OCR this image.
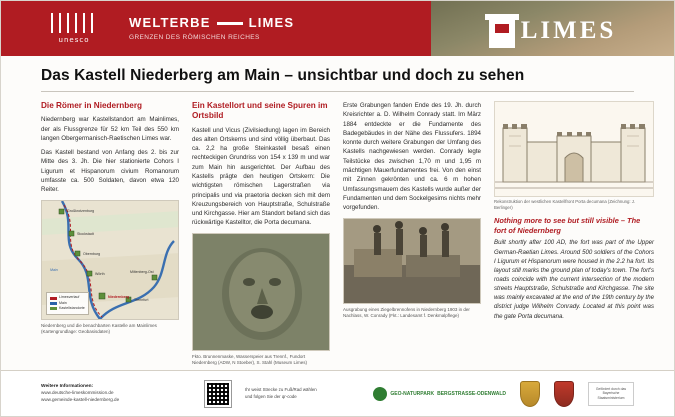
unesco
WELTERBE	LIMES
GRENZEN DES RÖMISCHEN REICHES	LIMES
Das Kastell Niederberg am Main – unsichtbar und doch zu sehen
Die Römer in Niedernberg

Niedernberg war Kastellstandort am Mainlimes, der als Flussgrenze für 52 km Teil des 550 km langen Obergermanisch-Raetischen Limes war.

Das Kastell bestand von Anfang des 2. bis zur Mitte des 3. Jh. Die hier stationierte Cohors I Ligurum et Hispanorum civium Romanorum umfasste ca. 500 Soldaten, davon etwa 120 Reiter.

Großkrotzenburg
Stockstadt
Obernburg
Wörth
Niedernberg
Trennfurt
Miltenberg-Ost
Main
Limesverlauf
Main
Kastellstandorte
Niedernberg und die benachbarten Kastelle am Mainlimes (Kartengrundlage: Geobasisdaten)
Ein Kastellort und seine Spuren im Ortsbild

Kastell und Vicus (Zivilsiedlung) lagen im Bereich des alten Ortskerns und sind völlig überbaut. Das ca. 2,2 ha große Steinkastell besaß einen rechteckigen Grundriss von 154 x 139 m und war zum Main hin ausgerichtet. Der Aufbau des Kastells prägte den heutigen Ortskern: Die wichtigsten römischen Lagerstraßen via principalis und via praetoria decken sich mit dem Kreuzungsbereich von Hauptstraße, Schulstraße und Kirchgasse. Hier am Standort befand sich das rückwärtige Kastelltor, die Porta decumana.

Fkto. Brunnenmaske, Wasserspeier aus Trennf., Fundort Niedernberg (ADW, N Stoeber), S. Stahl (Museum Limes)

Erste Grabungen fanden Ende des 19. Jh. durch Kreisrichter a. D. Wilhelm Conrady statt. Im März 1884 entdeckte er die Fundamente des Badegebäudes in der Nähe des Flussufers. 1894 konnte durch weitere Grabungen der Umfang des Kastells nachgewiesen werden. Conrady legte Teilstücke des zwischen 1,70 m und 1,95 m mächtigen Mauerfundamentes frei. Von den einst mit Zinnen gekrönten und ca. 6 m hohen Umfassungsmauern des Kastells wurde außer der Fundamenten und dem Sockelgesims nichts mehr vorgefunden.

Ausgrabung eines Ziegelbrennofens in Niedernberg 1903 in der Nachlass, W. Conrady (Fkt.: Landesamt f. Denkmalpflege)
Rekonstruktion der westlichen Kastellfront Porta decumana (Zeichnung: J. Berlinger)
Nothing more to see but still visible – The fort of Niedernberg
Built shortly after 100 AD, the fort was part of the Upper German-Raetian Limes. Around 500 soldiers of the Cohors I Ligurum et Hispanorum were housed in the 2.2 ha fort. Its layout still marks the ground plan of today's town. The fort's roads coincide with the current intersection of the modern streets Hauptstraße, Schulstraße and Kirchgasse. The site was mainly excavated at the end of the 19th century by the district judge Wilhelm Conrady. Located at this point was the gate Porta decumana.
Weitere Informationen:
www.deutsche-limeskommission.de
www.gemeinde-kastell-niedernberg.de
Ihr weist Strecke zu Fuß/Rad wählen
und folgen Sie der qr-code	GEO-NATURPARK BERGSTRASSE-ODENWALD
Gefördert durch das Bayerische Staatsministerium
